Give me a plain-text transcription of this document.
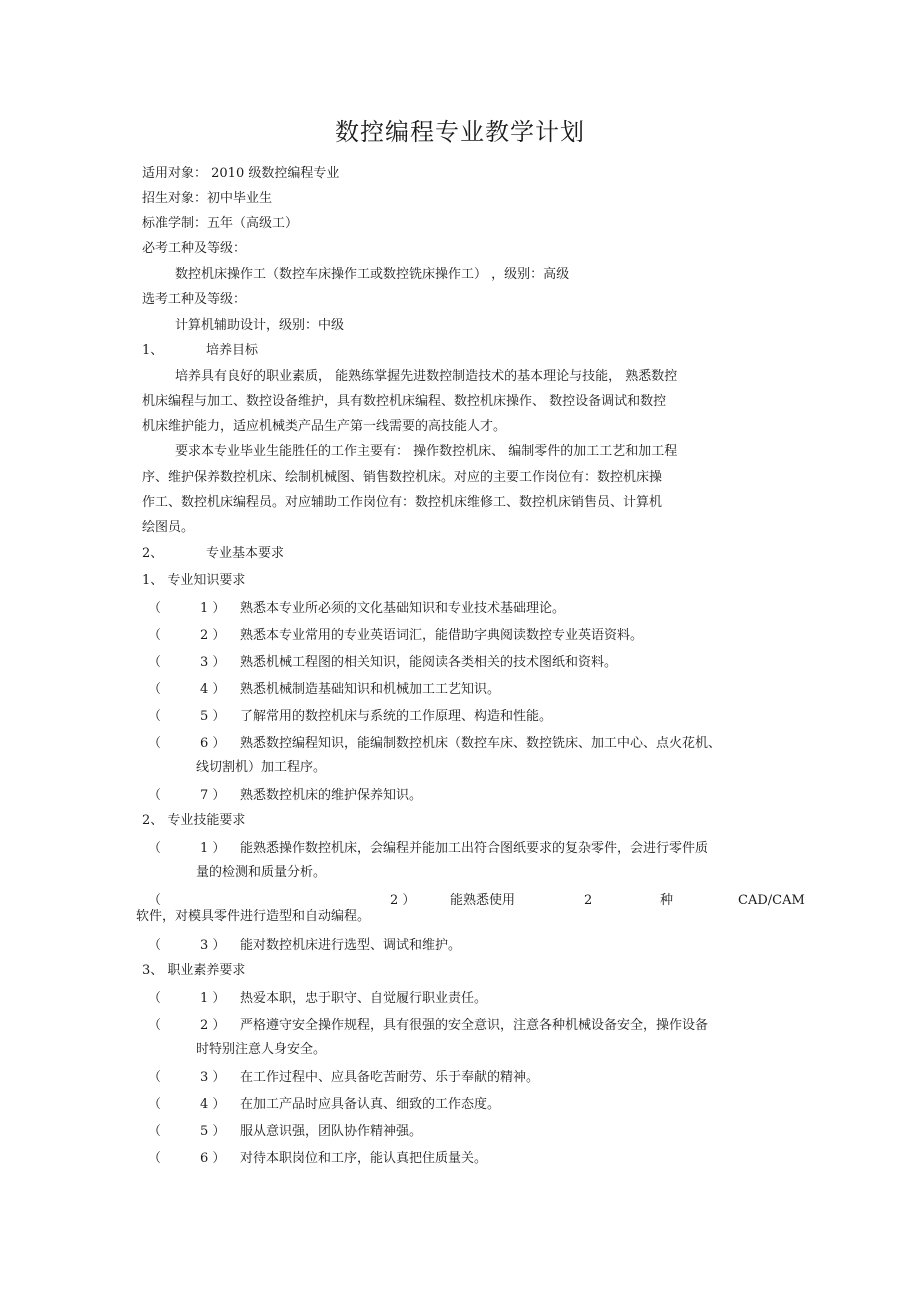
数控编程专业教学计划
适用对象： 2010 级数控编程专业
招生对象：初中毕业生
标准学制：五年（高级工）
必考工种及等级：
数控机床操作工（数控车床操作工或数控铣床操作工） ，级别：高级
选考工种及等级：
计算机辅助设计，级别：中级
1、	培养目标
培养具有良好的职业素质， 能熟练掌握先进数控制造技术的基本理论与技能， 熟悉数控
机床编程与加工、数控设备维护，具有数控机床编程、数控机床操作、 数控设备调试和数控
机床维护能力，适应机械类产品生产第一线需要的高技能人才。
要求本专业毕业生能胜任的工作主要有： 操作数控机床、 编制零件的加工工艺和加工程
序、维护保养数控机床、绘制机械图、销售数控机床。对应的主要工作岗位有：数控机床操
作工、数控机床编程员。对应辅助工作岗位有：数控机床维修工、数控机床销售员、计算机
绘图员。
2、	专业基本要求
1、 专业知识要求
（	1 ） 熟悉本专业所必须的文化基础知识和专业技术基础理论。
（	2 ） 熟悉本专业常用的专业英语词汇，能借助字典阅读数控专业英语资料。
（	3 ） 熟悉机械工程图的相关知识，能阅读各类相关的技术图纸和资料。
（	4 ） 熟悉机械制造基础知识和机械加工工艺知识。
（	5 ） 了解常用的数控机床与系统的工作原理、构造和性能。
（	6 ） 熟悉数控编程知识，能编制数控机床（数控车床、数控铣床、加工中心、点火花机、
线切割机）加工程序。
（	7 ） 熟悉数控机床的维护保养知识。
2、 专业技能要求
（	1 ） 能熟悉操作数控机床，会编程并能加工出符合图纸要求的复杂零件，会进行零件质
量的检测和质量分析。
（	2 ）	能熟悉使用	2	种	CAD/CAM
软件，对模具零件进行造型和自动编程。
（	3 ） 能对数控机床进行选型、调试和维护。
3、 职业素养要求
（	1 ） 热爱本职，忠于职守、自觉履行职业责任。
（	2 ） 严格遵守安全操作规程，具有很强的安全意识，注意各种机械设备安全，操作设备
时特别注意人身安全。
（	3 ） 在工作过程中、应具备吃苦耐劳、乐于奉献的精神。
（	4 ） 在加工产品时应具备认真、细致的工作态度。
（	5 ） 服从意识强，团队协作精神强。
（	6 ） 对待本职岗位和工序，能认真把住质量关。
